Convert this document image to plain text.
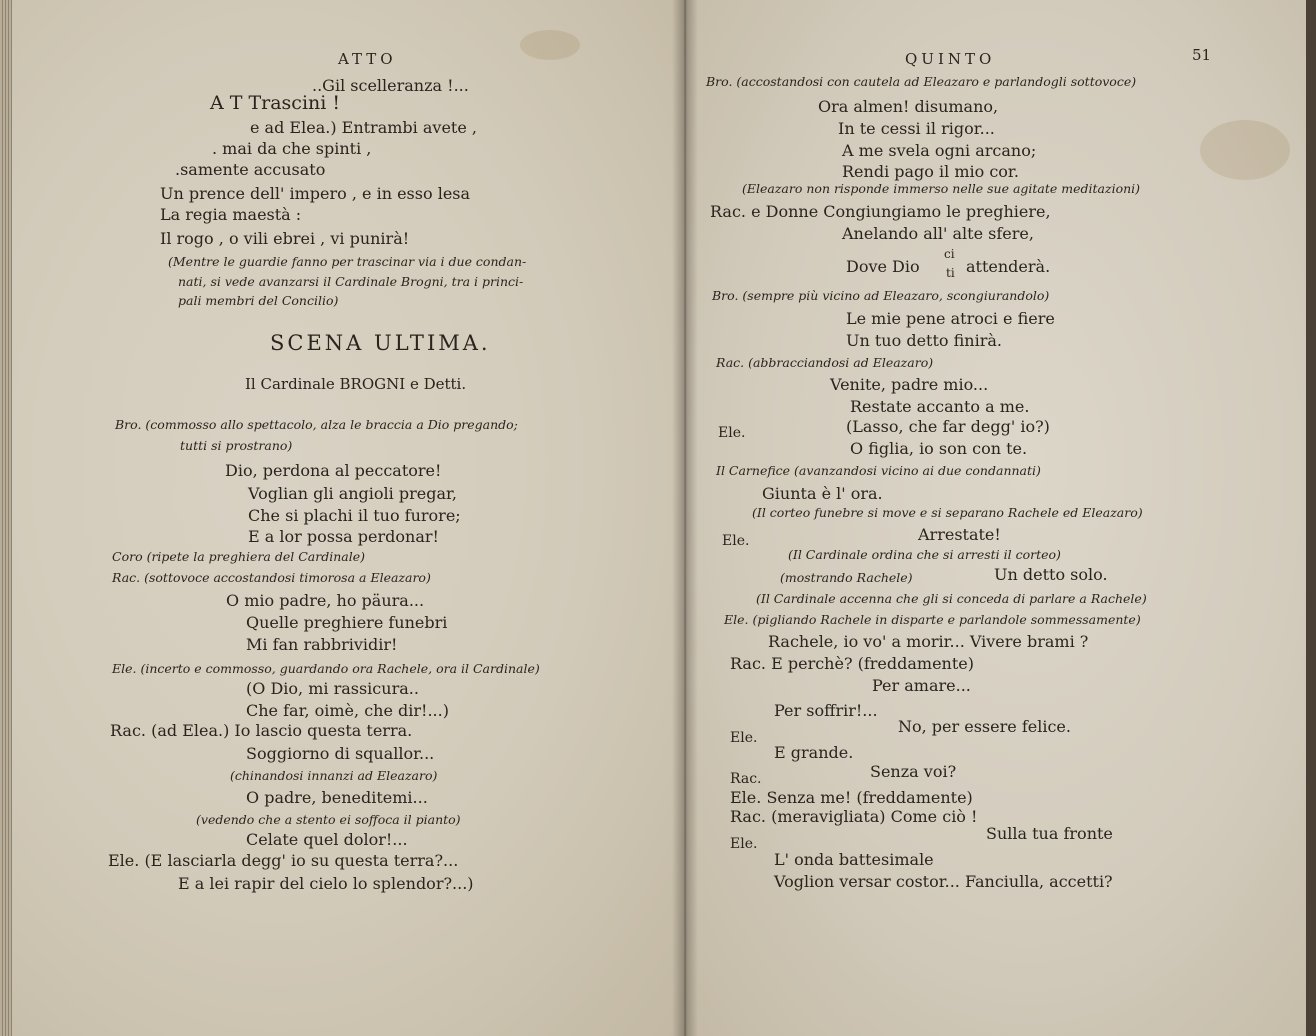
ATTO
..Gil scelleranza !...
A T Trascini !
e ad Elea.) Entrambi avete ,
. mai da che spinti ,
.samente accusato
Un prence dell' impero , e in esso lesa
La regia maestà :
Il rogo , o vili ebrei , vi punirà!
(Mentre le guardie fanno per trascinar via i due condan-
nati, si vede avanzarsi il Cardinale Brogni, tra i princi-
pali membri del Concilio)
SCENA ULTIMA.
Il Cardinale BROGNI e Detti.
Bro. (commosso allo spettacolo, alza le braccia a Dio pregando;
tutti si prostrano)
Dio, perdona al peccatore!
Voglian gli angioli pregar,
Che si plachi il tuo furore;
E a lor possa perdonar!
Coro (ripete la preghiera del Cardinale)
Rac. (sottovoce accostandosi timorosa a Eleazaro)
O mio padre, ho päura...
Quelle preghiere funebri
Mi fan rabbrividir!
Ele. (incerto e commosso, guardando ora Rachele, ora il Cardinale)
(O Dio, mi rassicura..
Che far, oimè, che dir!...)
Rac. (ad Elea.) Io lascio questa terra.
Soggiorno di squallor...
(chinandosi innanzi ad Eleazaro)
O padre, beneditemi...
(vedendo che a stento ei soffoca il pianto)
Celate quel dolor!...
Ele. (E lasciarla degg' io su questa terra?...
E a lei rapir del cielo lo splendor?...)
QUINTO	51
Bro. (accostandosi con cautela ad Eleazaro e parlandogli sottovoce)
Ora almen! disumano,
In te cessi il rigor...
A me svela ogni arcano;
Rendi pago il mio cor.
(Eleazaro non risponde immerso nelle sue agitate meditazioni)
Rac. e Donne Congiungiamo le preghiere,
Anelando all' alte sfere,
Dove Dio
ci
ti attenderà.
Bro. (sempre più vicino ad Eleazaro, scongiurandolo)
Le mie pene atroci e fiere
Un tuo detto finirà.
Rac. (abbracciandosi ad Eleazaro)
Venite, padre mio...
Restate accanto a me.
Ele.	(Lasso, che far degg' io?)
O figlia, io son con te.
Il Carnefice (avanzandosi vicino ai due condannati)
Giunta è l' ora.
(Il corteo funebre si move e si separano Rachele ed Eleazaro)
Ele.	Arrestate!
(Il Cardinale ordina che si arresti il corteo)
(mostrando Rachele)	Un detto solo.
(Il Cardinale accenna che gli si conceda di parlare a Rachele)
Ele. (pigliando Rachele in disparte e parlandole sommessamente)
Rachele, io vo' a morir... Vivere brami ?
Rac. E perchè? (freddamente)
Per amare...
Per soffrir!...
Ele.
No, per essere felice.
E grande.
Rac.	Senza voi?
Ele. Senza me! (freddamente)
Rac. (meravigliata) Come ciò !
Ele.
Sulla tua fronte
L' onda battesimale
Voglion versar costor... Fanciulla, accetti?
